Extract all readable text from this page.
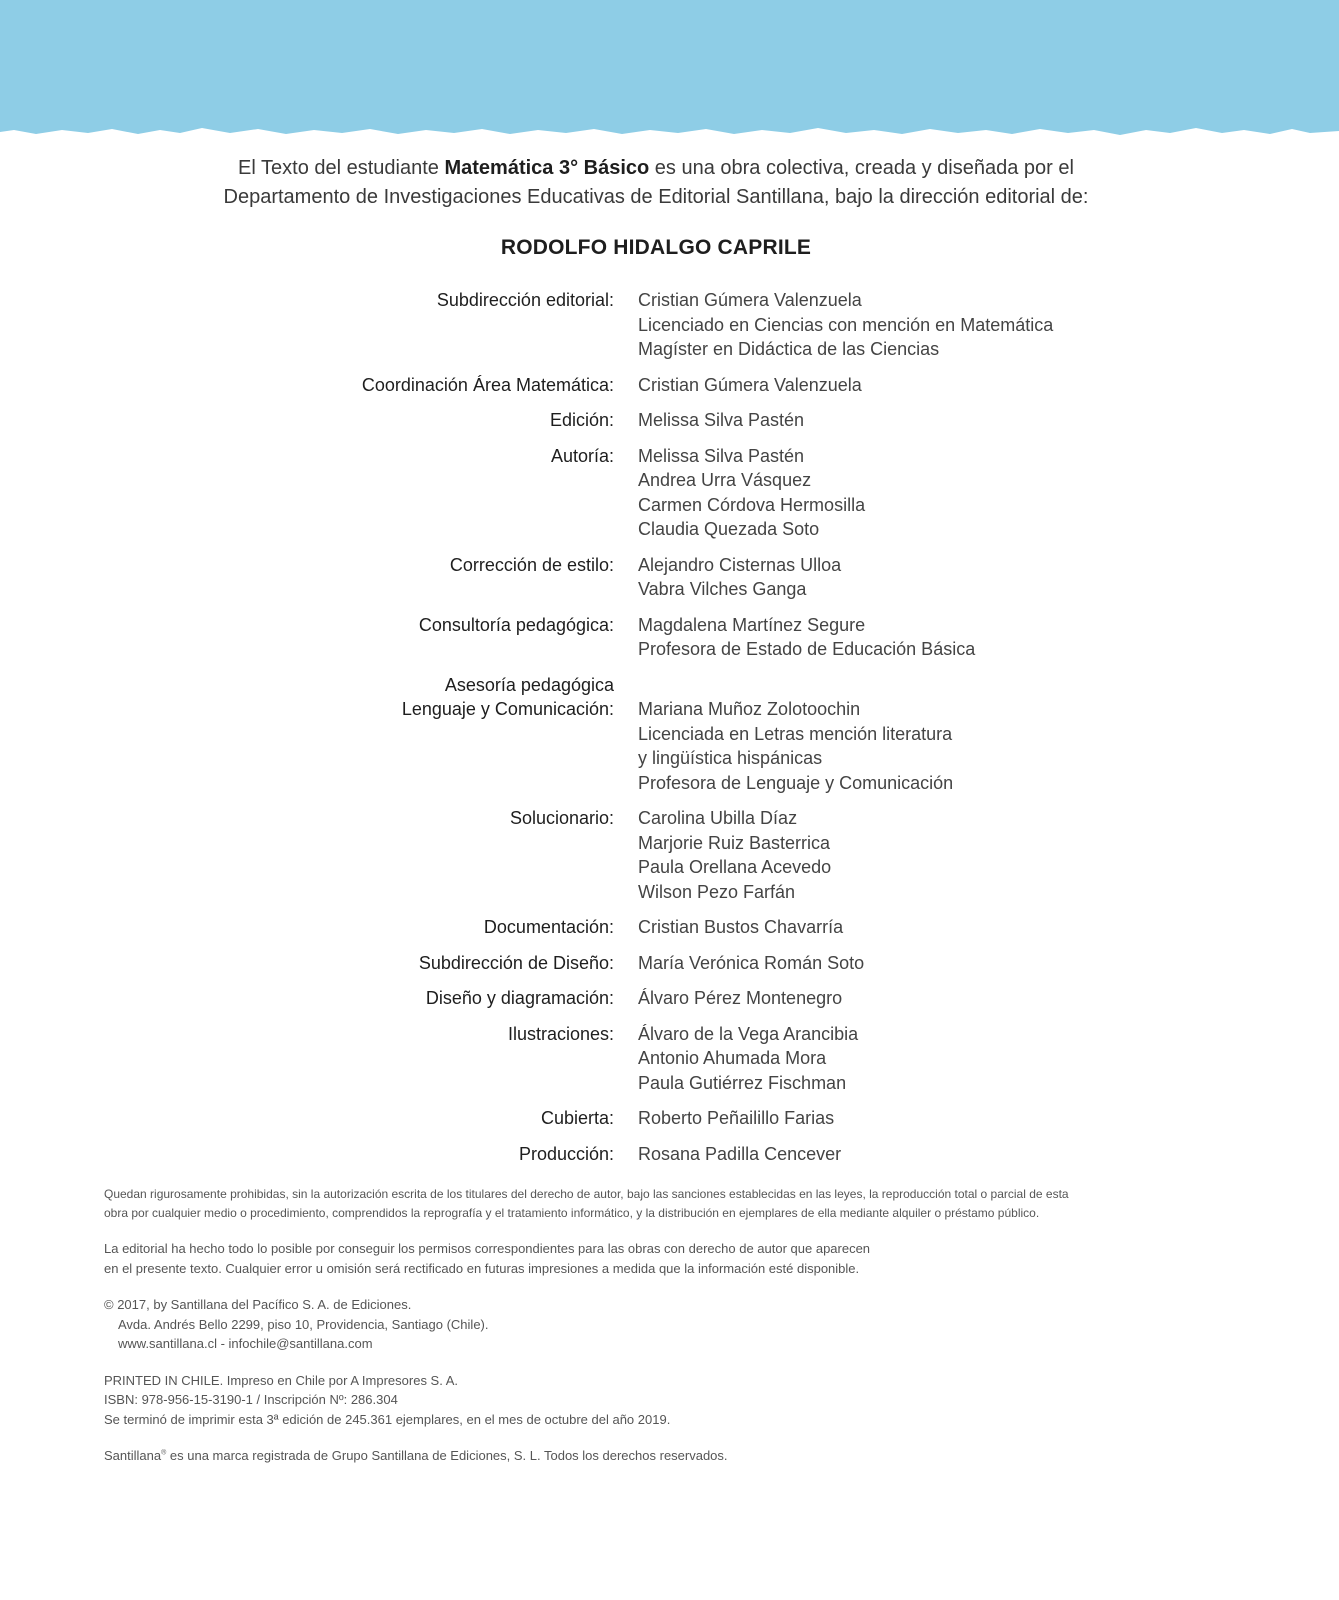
El Texto del estudiante Matemática 3° Básico es una obra colectiva, creada y diseñada por el

Departamento de Investigaciones Educativas de Editorial Santillana, bajo la dirección editorial de:

RODOLFO HIDALGO CAPRILE
Subdirección editorial: Cristian Gúmera Valenzuela
Licenciado en Ciencias con mención en Matemática
Magíster en Didáctica de las Ciencias
Coordinación Área Matemática: Cristian Gúmera Valenzuela
Edición: Melissa Silva Pastén
Autoría: Melissa Silva Pastén
Andrea Urra Vásquez
Carmen Córdova Hermosilla
Claudia Quezada Soto
Corrección de estilo: Alejandro Cisternas Ulloa
Vabra Vilches Ganga
Consultoría pedagógica: Magdalena Martínez Segure
Profesora de Estado de Educación Básica
Asesoría pedagógica
Lenguaje y Comunicación:
Mariana Muñoz Zolotoochin
Licenciada en Letras mención literatura
y lingüística hispánicas
Profesora de Lenguaje y Comunicación
Solucionario: Carolina Ubilla Díaz
Marjorie Ruiz Basterrica
Paula Orellana Acevedo
Wilson Pezo Farfán
Documentación: Cristian Bustos Chavarría
Subdirección de Diseño: María Verónica Román Soto
Diseño y diagramación: Álvaro Pérez Montenegro
Ilustraciones: Álvaro de la Vega Arancibia
Antonio Ahumada Mora
Paula Gutiérrez Fischman
Cubierta: Roberto Peñailillo Farias
Producción: Rosana Padilla Cencever

Quedan rigurosamente prohibidas, sin la autorización escrita de los titulares del derecho de autor, bajo las sanciones establecidas en las leyes, la reproducción total o parcial de esta
obra por cualquier medio o procedimiento, comprendidos la reprografía y el tratamiento informático, y la distribución en ejemplares de ella mediante alquiler o préstamo público.

La editorial ha hecho todo lo posible por conseguir los permisos correspondientes para las obras con derecho de autor que aparecen
en el presente texto. Cualquier error u omisión será rectificado en futuras impresiones a medida que la información esté disponible.

© 2017, by Santillana del Pacífico S. A. de Ediciones.
Avda. Andrés Bello 2299, piso 10, Providencia, Santiago (Chile).
www.santillana.cl - infochile@santillana.com

PRINTED IN CHILE. Impreso en Chile por A Impresores S. A.
ISBN: 978-956-15-3190-1 / Inscripción Nº: 286.304
Se terminó de imprimir esta 3ª edición de 245.361 ejemplares, en el mes de octubre del año 2019.

Santillana® es una marca registrada de Grupo Santillana de Ediciones, S. L. Todos los derechos reservados.
